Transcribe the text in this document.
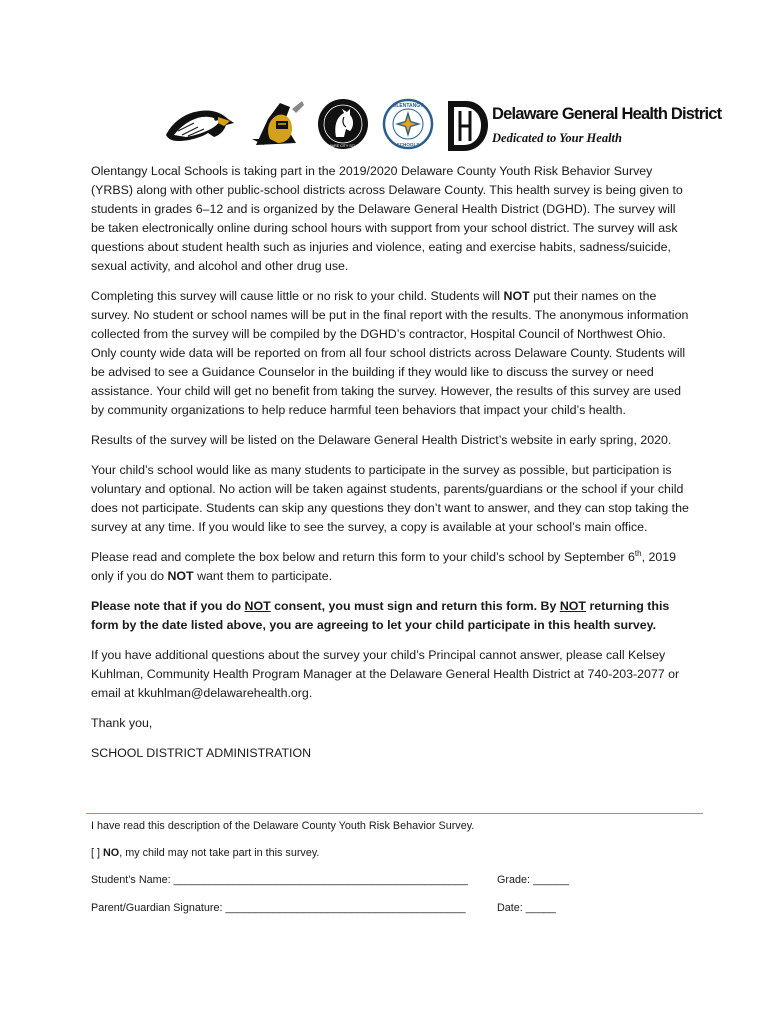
DELAWARE CITY SCHOOLS
OLENTANGY
SCHOOLS
Delaware General Health District
Dedicated to Your Health

Olentangy Local Schools is taking part in the 2019/2020 Delaware County Youth Risk Behavior Survey (YRBS) along with other public-school districts across Delaware County. This health survey is being given to students in grades 6–12 and is organized by the Delaware General Health District (DGHD). The survey will be taken electronically online during school hours with support from your school district. The survey will ask questions about student health such as injuries and violence, eating and exercise habits, sadness/suicide, sexual activity, and alcohol and other drug use.

Completing this survey will cause little or no risk to your child. Students will NOT put their names on the survey. No student or school names will be put in the final report with the results. The anonymous information collected from the survey will be compiled by the DGHD’s contractor, Hospital Council of Northwest Ohio. Only county wide data will be reported on from all four school districts across Delaware County. Students will be advised to see a Guidance Counselor in the building if they would like to discuss the survey or need assistance. Your child will get no benefit from taking the survey. However, the results of this survey are used by community organizations to help reduce harmful teen behaviors that impact your child’s health.

Results of the survey will be listed on the Delaware General Health District’s website in early spring, 2020.

Your child’s school would like as many students to participate in the survey as possible, but participation is voluntary and optional. No action will be taken against students, parents/guardians or the school if your child does not participate. Students can skip any questions they don’t want to answer, and they can stop taking the survey at any time. If you would like to see the survey, a copy is available at your school’s main office.

Please read and complete the box below and return this form to your child’s school by September 6th, 2019 only if you do NOT want them to participate.

Please note that if you do NOT consent, you must sign and return this form. By NOT returning this form by the date listed above, you are agreeing to let your child participate in this health survey.

If you have additional questions about the survey your child’s Principal cannot answer, please call Kelsey Kuhlman, Community Health Program Manager at the Delaware General Health District at 740-203-2077 or email at kkuhlman@delawarehealth.org.

Thank you,

SCHOOL DISTRICT ADMINISTRATION

I have read this description of the Delaware County Youth Risk Behavior Survey.
[ ] NO, my child may not take part in this survey.
Student’s Name: _________________________________________________	Grade: ______
Parent/Guardian Signature: ________________________________________	Date: _____
